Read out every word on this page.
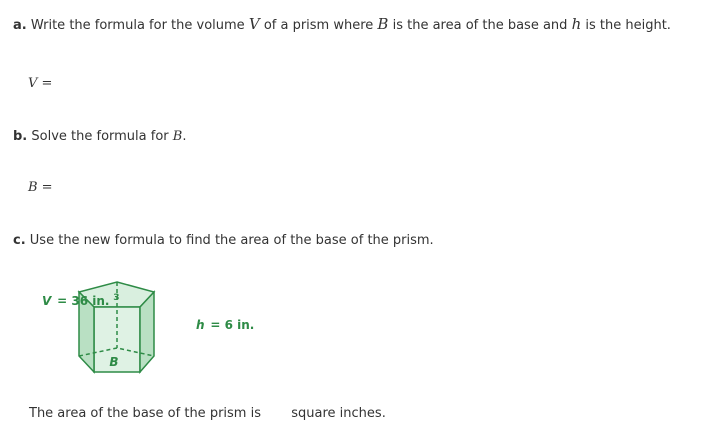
a. Write the formula for the volume V of a prism where B is the area of the base and h is the height.
V =
b. Solve the formula for B.
B =
c. Use the new formula to find the area of the base of the prism.
V = 36 in. $^3$
h = 6 in.
B
The area of the base of the prism is square inches.
